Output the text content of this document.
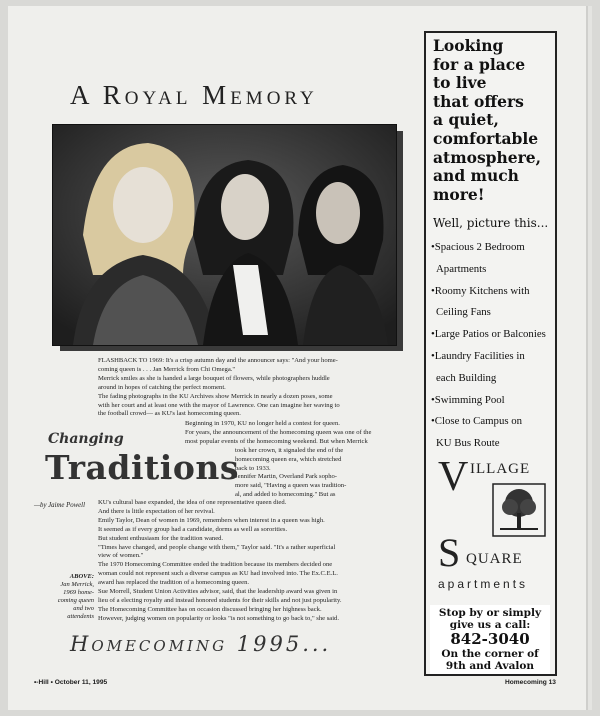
A Royal Memory

FLASHBACK TO 1969: It's a crisp autumn day and the announcer says: "And your home-

coming queen is . . . Jan Merrick from Chi Omega."

Merrick smiles as she is handed a large bouquet of flowers, while photographers huddle

around in hopes of catching the perfect moment.

The fading photographs in the KU Archives show Merrick in nearly a dozen poses, some

with her court and at least one with the mayor of Lawrence. One can imagine her waving to

the football crowd— as KU's last homecoming queen.

Beginning in 1970, KU no longer held a contest for queen.

For years, the announcement of the homecoming queen was one of the

most popular events of the homecoming weekend. But when Merrick

took her crown, it signaled the end of the

homecoming queen era, which stretched

back to 1933.

Jennifer Martin, Overland Park sopho-

more said, "Having a queen was tradition-

al, and added to homecoming." But as

Changing
Traditions
—by Jaime Powell KU's cultural base expanded, the idea of one representative queen died.

And there is little expectation of her revival.

Emily Taylor, Dean of women in 1969, remembers when interest in a queen was high.

It seemed as if every group had a candidate, dorms as well as sororities.

But student enthusiasm for the tradition waned.

"Times have changed, and people change with them," Taylor said. "It's a rather superficial

view of women."

The 1970 Homecoming Committee ended the tradition because its members decided one

woman could not represent such a diverse campus as KU had involved into. The Ex.C.E.L.

award has replaced the tradition of a homecoming queen.

Sue Morrell, Student Union Activities advisor, said, that the leadership award was given in

lieu of a electing royalty and instead honored students for their skills and not just popularity.

The Homecoming Committee has on occasion discussed bringing her highness back.

However, judging women on popularity or looks "is not something to go back to," she said.

ABOVE:
Jan Merrick, 1969 home-coming queen and two attendents
Homecoming 1995...
•-Hill • October 11, 1995	Homecoming 13
Looking
for a place
to live
that offers
a quiet,
comfortable
atmosphere,
and much
more!
Well, picture this...
•Spacious 2 Bedroom
Apartments
•Roomy Kitchens with
Ceiling Fans
•Large Patios or Balconies
•Laundry Facilities in
each Building
•Swimming Pool
•Close to Campus on
KU Bus Route
V ILLAGE
S QUARE
apartments
Stop by or simply give us a call:
842-3040
On the corner of 9th and Avalon
